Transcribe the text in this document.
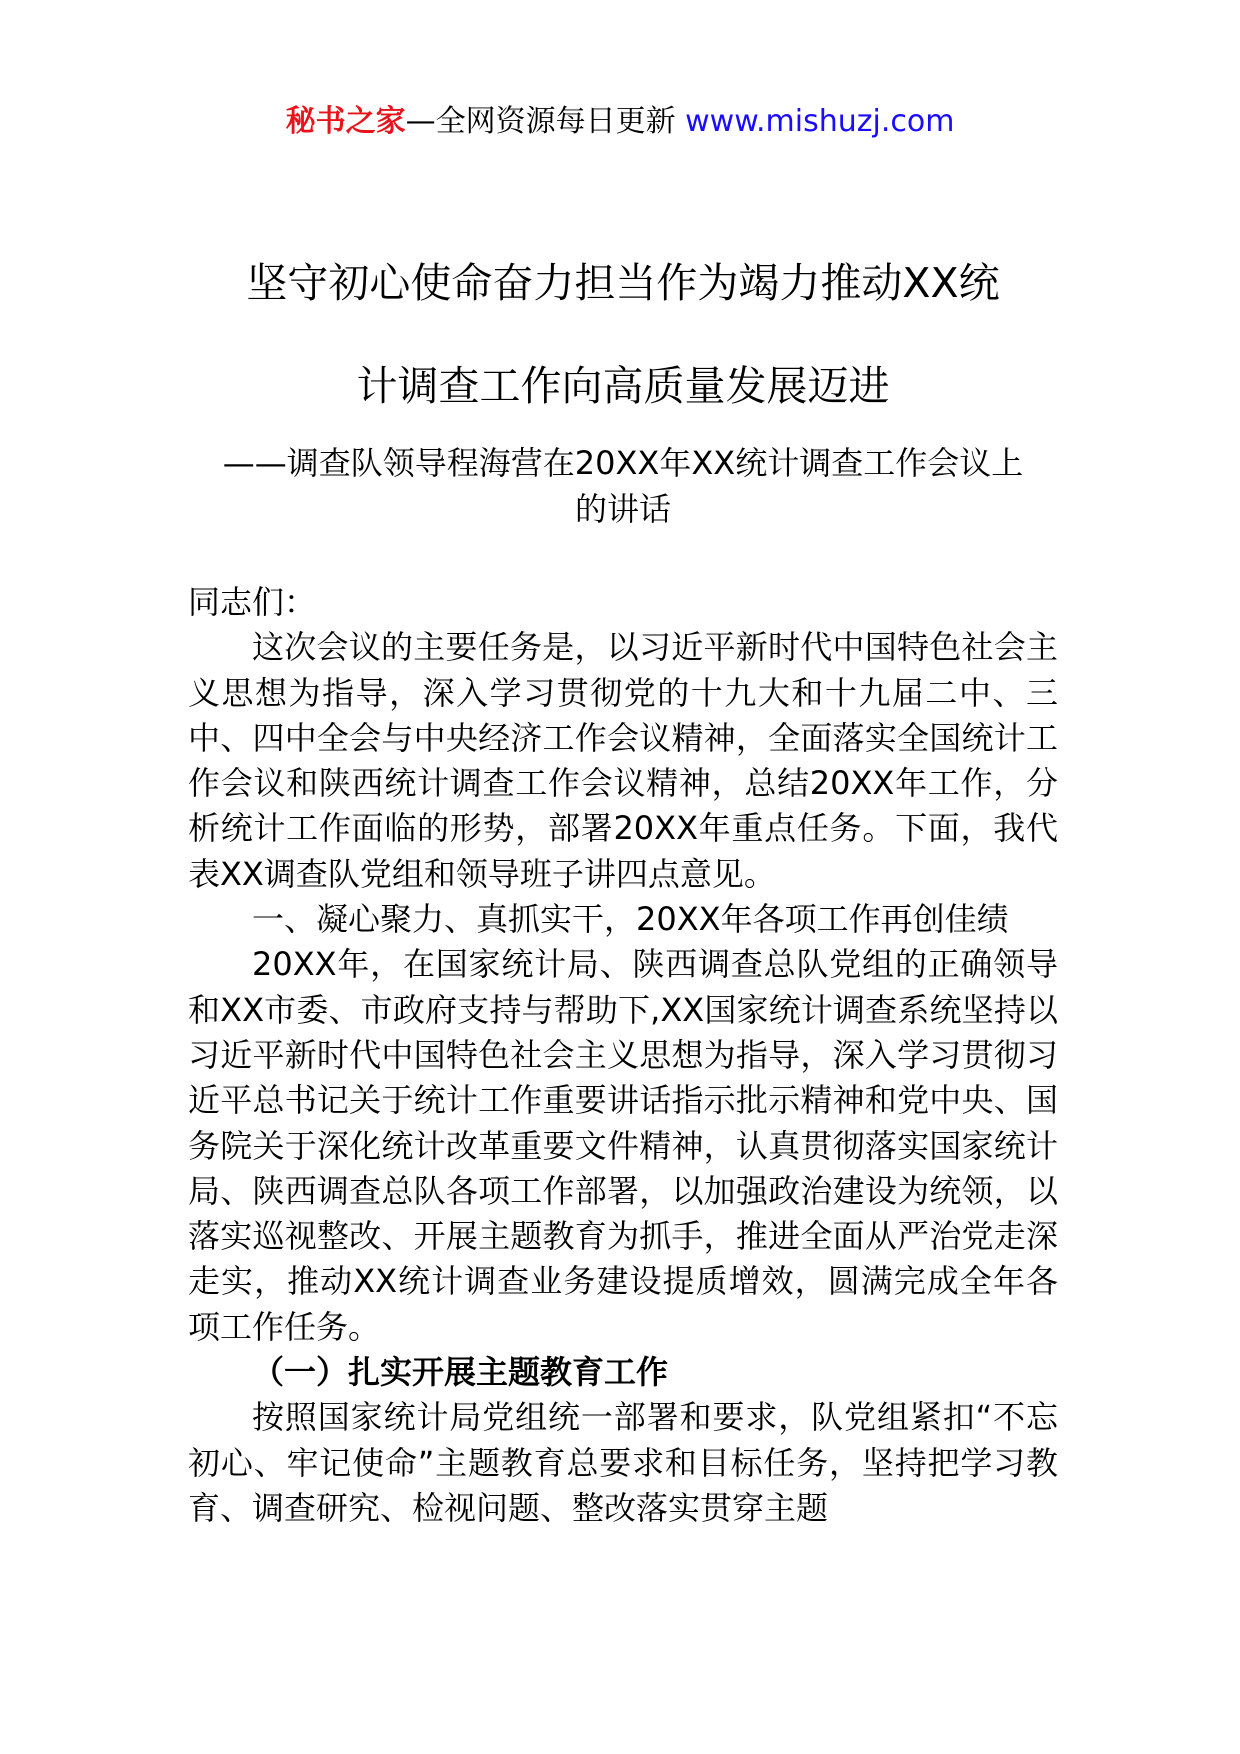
秘书之家—全网资源每日更新 www.mishuzj.com
坚守初心使命奋力担当作为竭力推动XX统
计调查工作向高质量发展迈进
——调查队领导程海营在20XX年XX统计调查工作会议上
的讲话

同志们：

这次会议的主要任务是，以习近平新时代中国特色社会主义思想为指导，深入学习贯彻党的十九大和十九届二中、三中、四中全会与中央经济工作会议精神，全面落实全国统计工作会议和陕西统计调查工作会议精神，总结20XX年工作，分析统计工作面临的形势，部署20XX年重点任务。下面，我代表XX调查队党组和领导班子讲四点意见。

一、凝心聚力、真抓实干，20XX年各项工作再创佳绩

20XX年，在国家统计局、陕西调查总队党组的正确领导和XX市委、市政府支持与帮助下,XX国家统计调查系统坚持以习近平新时代中国特色社会主义思想为指导，深入学习贯彻习近平总书记关于统计工作重要讲话指示批示精神和党中央、国务院关于深化统计改革重要文件精神，认真贯彻落实国家统计局、陕西调查总队各项工作部署，以加强政治建设为统领，以落实巡视整改、开展主题教育为抓手，推进全面从严治党走深走实，推动XX统计调查业务建设提质增效，圆满完成全年各项工作任务。

（一）扎实开展主题教育工作

按照国家统计局党组统一部署和要求，队党组紧扣“不忘初心、牢记使命”主题教育总要求和目标任务，坚持把学习教育、调查研究、检视问题、整改落实贯穿主题
